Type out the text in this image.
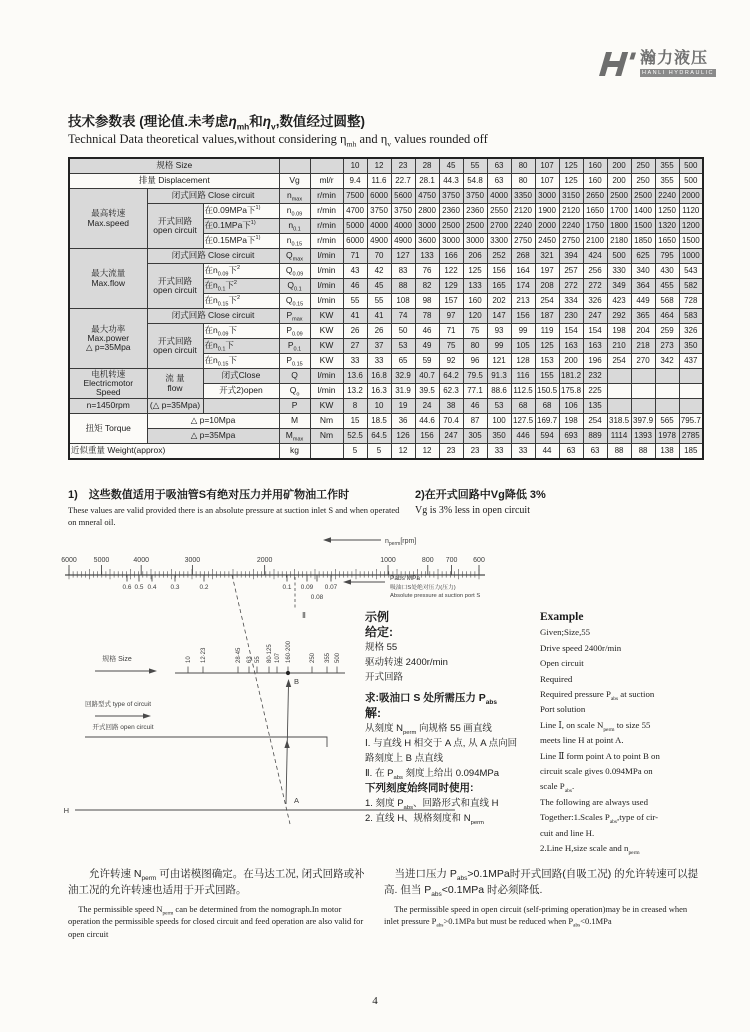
瀚力液压
HANLI HYDRAULIC
技术参数表 (理论值.未考虑$\eta_{mh}$和$\eta_v$,数值经过圆整)
Technical Data theoretical values,without considering $\eta_{mh}$ and $\eta_v$ values rounded off
规格 Size					10	12	23	28	45	55	63	80	107	125	160	200	250	355	500
排量 Displacement			Vg	ml/r	9.4	11.6	22.7	28.1	44.3	54.8	63	80	107	125	160	200	250	355	500

最高转速
Max.speed	闭式回路 Close circuit		$n_{max}$	r/min	7500	6000	5600	4750	3750	3750	4000	3350	3000	3150	2650	2500	2500	2240	2000

	开式回路
open circuit	在0.09MPa下$^{1)}$	$n_{0.09}$	r/min	4700	3750	3750	2800	2360	2360	2550	2120	1900	2120	1650	1700	1400	1250	1120
		在0.1MPa下$^{1)}$	$n_{0.1}$	r/min	5000	4000	4000	3000	2500	2500	2700	2240	2000	2240	1750	1800	1500	1320	1200
		在0.15MPa下$^{1)}$	$n_{0.15}$	r/min	6000	4900	4900	3600	3000	3000	3300	2750	2450	2750	2100	2180	1850	1650	1500

最大流量
Max.flow	闭式回路 Close circuit		$Q_{max}$	l/min	71	70	127	133	166	206	252	268	321	394	424	500	625	795	1000

	开式回路
open circuit	在$n_{0.09}$下$^2$	$Q_{0.09}$	l/min	43	42	83	76	122	125	156	164	197	257	256	330	340	430	543
		在$n_{0.1}$下$^2$	$Q_{0.1}$	l/min	46	45	88	82	129	133	165	174	208	272	272	349	364	455	582
		在$n_{0.15}$下$^2$	$Q_{0.15}$	l/min	55	55	108	98	157	160	202	213	254	334	326	423	449	568	728

最大功率
Max.power
△ p=35Mpa	闭式回路 Close circuit		$P_{max}$	KW	41	41	74	78	97	120	147	156	187	230	247	292	365	464	583

	开式回路
open circuit	在$n_{0.09}$下	$P_{0.09}$	KW	26	26	50	46	71	75	93	99	119	154	154	198	204	259	326
		在$n_{0.1}$下	$P_{0.1}$	KW	27	37	53	49	75	80	99	105	125	163	163	210	218	273	350
		在$n_{0.15}$下	$P_{0.15}$	KW	33	33	65	59	92	96	121	128	153	200	196	254	270	342	437

电机转速
Electricmotor
Speed

流 量
flow
	闭式Close	Q	l/min	13.6	16.8	32.9	40.7	64.2	79.5	91.3	116	155	181.2	232				
		开式2)open	$Q_o$	l/min	13.2	16.3	31.9	39.5	62.3	77.1	88.6	112.5	150.5	175.8	225				
n=1450rpm	(△ p=35Mpa)		P	KW	8	10	19	24	38	46	53	68	68	106	135				
扭矩 Torque	△ p=10Mpa		M	Nm	15	18.5	36	44.6	70.4	87	100	127.5	169.7	198	254	318.5	397.9	565	795.7
	△ p=35Mpa		$M_{max}$	Nm	52.5	64.5	126	156	247	305	350	446	594	693	889	1114	1393	1978	2785
近似重量 Weight(approx)			kg		5	5	12	12	23	23	33	33	44	63	63	88	88	138	185
1)　这些数值适用于吸油管S有绝对压力并用矿物油工作时
These values are valid provided there is an absolute pressure at suction inlet S and when operated on mneral oil.
2)在开式回路中Vg降低 3%
Vg is 3% less in open circuit
$n_{perm}[rpm]$
6000 5000	4000	3000	2000	1000	800 700 600
0.6 0.5 0.4 0.3	0.2	0.1 0.09
0.08
0.07
Pabs MPa
吸油口S处绝对压力(压力)
Absolute pressure at suction port S
Ⅱ
A
规格 Size	10 12·23	28·45 63 55 80·125 107 160·200	250 355 500
B
回路型式 type of circuit
开式回路 open circuit
H
示例
给定:
规格 55
驱动转速 2400r/min
开式回路
求:吸油口 S 处所需压力 $P_{abs}$
解:
从刻度 $N_{perm}$ 向规格 55 画直线
Ⅰ. 与直线 H 相交于 A 点, 从 A 点向回
路刻度上 B 点直线
Ⅱ. 在 $P_{abs}$ 刻度上给出 0.094MPa
下列刻度始终同时使用:
1. 刻度 $P_{abs}$、回路形式和直线 H
2. 直线 H、规格刻度和 $N_{perm}$
Example
Given;Size,55
Drive speed 2400r/min
Open circuit
Required
Required pressure $P_{abs}$ at suction
Port solution
Line Ⅰ, on scale $N_{perm}$ to size 55
meets line H at point A.
Line Ⅱ form point A to point B on
circuit scale gives 0.094MPa on
scale $P_{abs}$.
The following are always used
Together:1.Scales $P_{abs},type$ of cir-
cuit and line H.
2.Line H,size scale and $n_{perm}$
允许转速 $N_{perm}$ 可由诺模图确定。在马达工况, 闭式回路或补油工况的允许转速也适用于开式回路。
The permissible speed $N_{perm}$ can be determined from the nomograph.In motor operation the permissible speeds for closed circuit and feed operation are also valid for open circuit
当进口压力 $P_{abs}>0.1MPa$时开式回路(自吸工况) 的允许转速可以提高. 但当 $P_{abs}<0.1MPa$ 时必须降低.
The permissible speed in open circuit (self-priming operation)may be in creased when inlet pressure $P_{abs}>0.1MPa$ but must be reduced when $P_{abs}<0.1MPa$
4
